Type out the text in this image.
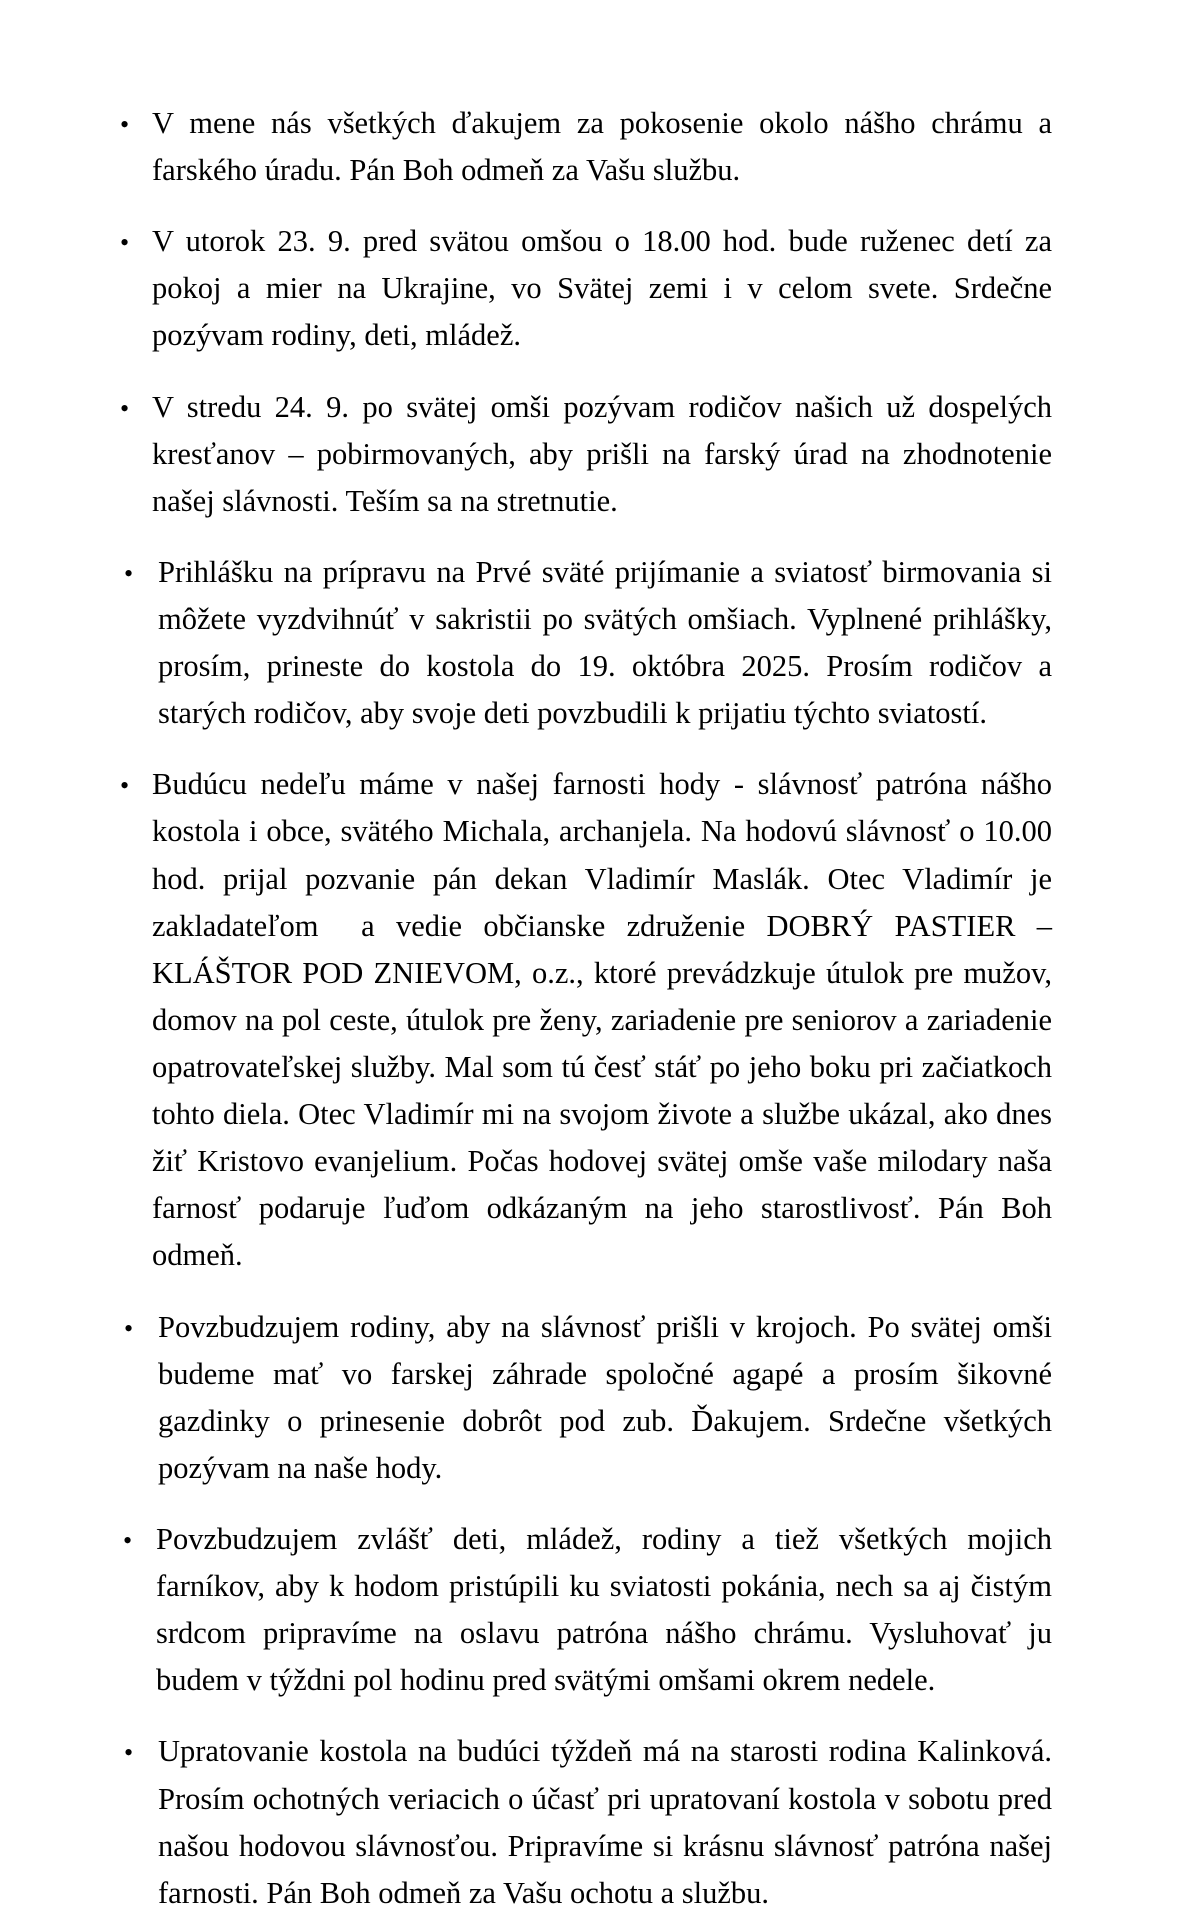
•
V mene nás všetkých ďakujem za pokosenie okolo nášho chrámu a farského úradu. Pán Boh odmeň za Vašu službu.
•
V utorok 23. 9. pred svätou omšou o 18.00 hod. bude ruženec detí za pokoj a mier na Ukrajine, vo Svätej zemi i v celom svete. Srdečne pozývam rodiny, deti, mládež.
•
V stredu 24. 9. po svätej omši pozývam rodičov našich už dospelých kresťanov – pobirmovaných, aby prišli na farský úrad na zhodnotenie našej slávnosti. Teším sa na stretnutie.
•
Prihlášku na prípravu na Prvé sväté prijímanie a sviatosť birmovania si môžete vyzdvihnúť v sakristii po svätých omšiach. Vyplnené prihlášky, prosím, prineste do kostola do 19. októbra 2025. Prosím rodičov a starých rodičov, aby svoje deti povzbudili k prijatiu týchto sviatostí.
•
Budúcu nedeľu máme v našej farnosti hody - slávnosť patróna nášho kostola i obce, svätého Michala, archanjela. Na hodovú slávnosť o 10.00 hod. prijal pozvanie pán dekan Vladimír Maslák. Otec Vladimír je zakladateľom  a vedie občianske združenie DOBRÝ PASTIER – KLÁŠTOR POD ZNIEVOM, o.z., ktoré prevádzkuje útulok pre mužov, domov na pol ceste, útulok pre ženy, zariadenie pre seniorov a zariadenie opatrovateľskej služby. Mal som tú česť stáť po jeho boku pri začiatkoch tohto diela. Otec Vladimír mi na svojom živote a službe ukázal, ako dnes žiť Kristovo evanjelium. Počas hodovej svätej omše vaše milodary naša farnosť podaruje ľuďom odkázaným na jeho starostlivosť. Pán Boh odmeň.
•
Povzbudzujem rodiny, aby na slávnosť prišli v krojoch. Po svätej omši budeme mať vo farskej záhrade spoločné agapé a prosím šikovné gazdinky o prinesenie dobrôt pod zub. Ďakujem. Srdečne všetkých pozývam na naše hody.
•
Povzbudzujem zvlášť deti, mládež, rodiny a tiež všetkých mojich farníkov, aby k hodom pristúpili ku sviatosti pokánia, nech sa aj čistým srdcom pripravíme na oslavu patróna nášho chrámu. Vysluhovať ju budem v týždni pol hodinu pred svätými omšami okrem nedele.
•
Upratovanie kostola na budúci týždeň má na starosti rodina Kalinková. Prosím ochotných veriacich o účasť pri upratovaní kostola v sobotu pred našou hodovou slávnosťou. Pripravíme si krásnu slávnosť patróna našej farnosti. Pán Boh odmeň za Vašu ochotu a službu.
